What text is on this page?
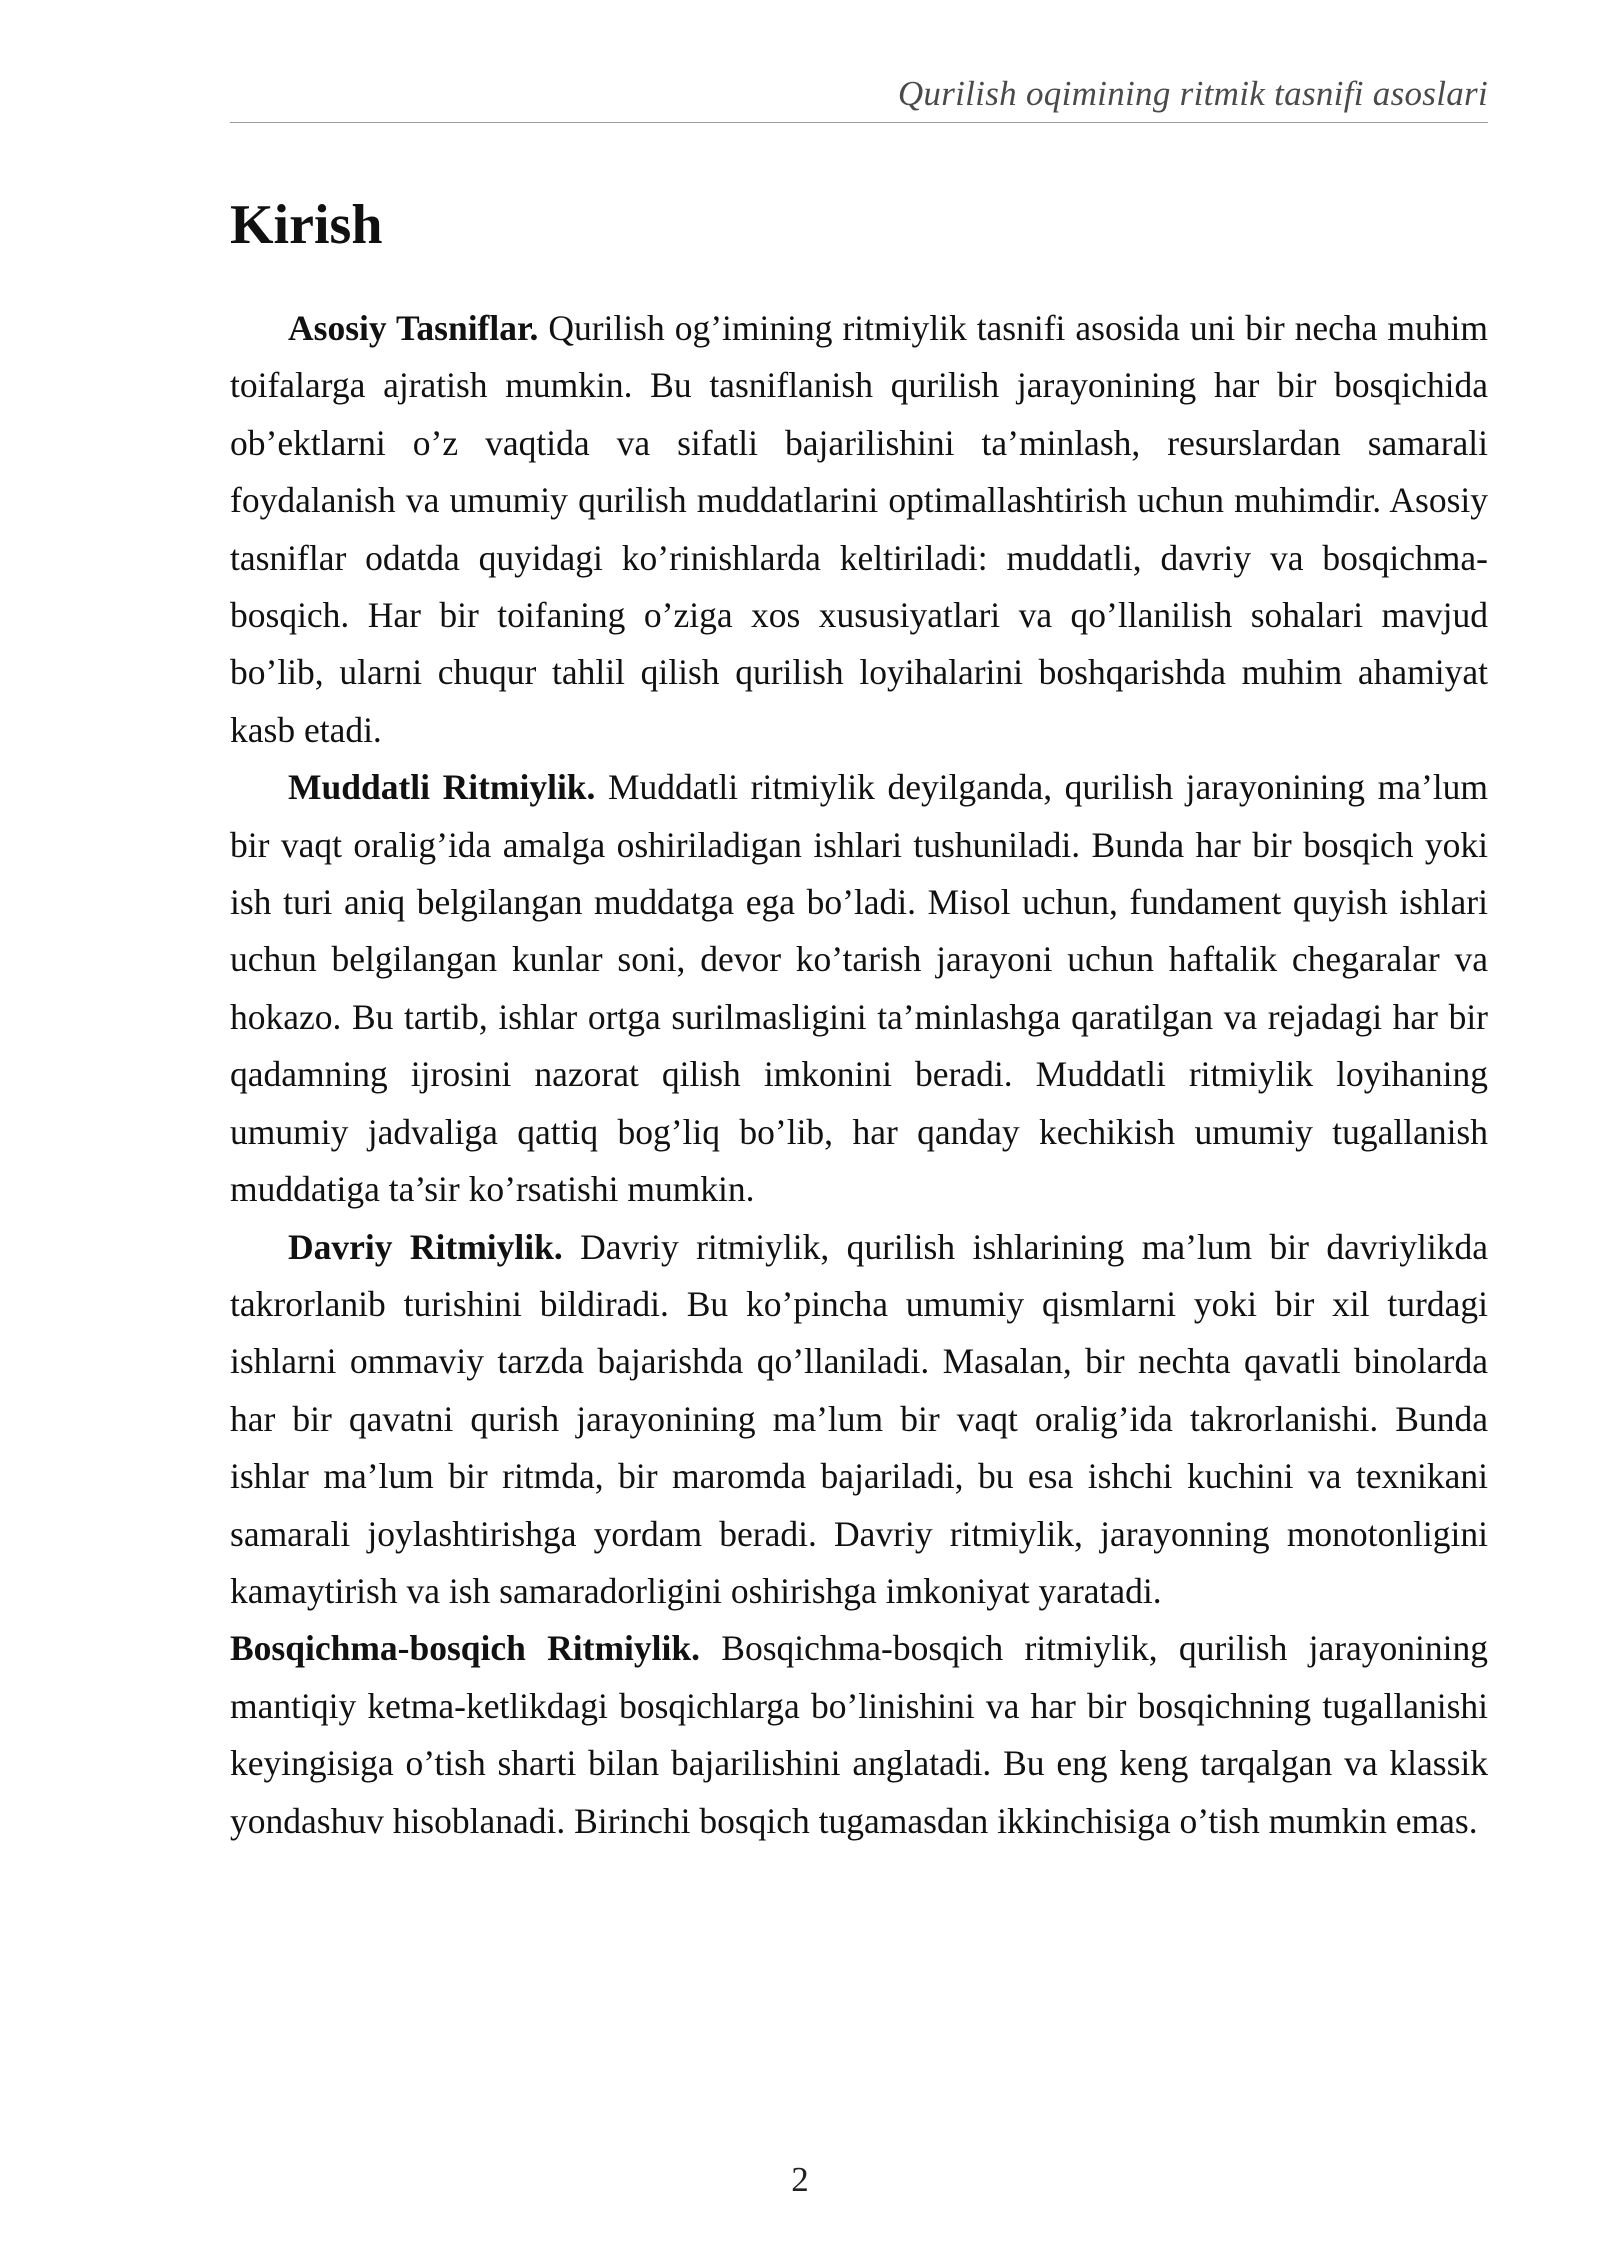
Qurilish oqimining ritmik tasnifi asoslari
Kirish

Asosiy Tasniflar. Qurilish og’imining ritmiylik tasnifi asosida uni bir necha muhim toifalarga ajratish mumkin. Bu tasniflanish qurilish jarayonining har bir bosqichida ob’ektlarni o’z vaqtida va sifatli bajarilishini ta’minlash, resurslardan samarali foydalanish va umumiy qurilish muddatlarini optimallashtirish uchun muhimdir. Asosiy tasniflar odatda quyidagi ko’rinishlarda keltiriladi: muddatli, davriy va bosqichma-bosqich. Har bir toifaning o’ziga xos xususiyatlari va qo’llanilish sohalari mavjud bo’lib, ularni chuqur tahlil qilish qurilish loyihalarini boshqarishda muhim ahamiyat kasb etadi.

Muddatli Ritmiylik. Muddatli ritmiylik deyilganda, qurilish jarayonining ma’lum bir vaqt oralig’ida amalga oshiriladigan ishlari tushuniladi. Bunda har bir bosqich yoki ish turi aniq belgilangan muddatga ega bo’ladi. Misol uchun, fundament quyish ishlari uchun belgilangan kunlar soni, devor ko’tarish jarayoni uchun haftalik chegaralar va hokazo. Bu tartib, ishlar ortga surilmasligini ta’minlashga qaratilgan va rejadagi har bir qadamning ijrosini nazorat qilish imkonini beradi. Muddatli ritmiylik loyihaning umumiy jadvaliga qattiq bog’liq bo’lib, har qanday kechikish umumiy tugallanish muddatiga ta’sir ko’rsatishi mumkin.

Davriy Ritmiylik. Davriy ritmiylik, qurilish ishlarining ma’lum bir davriylikda takrorlanib turishini bildiradi. Bu ko’pincha umumiy qismlarni yoki bir xil turdagi ishlarni ommaviy tarzda bajarishda qo’llaniladi. Masalan, bir nechta qavatli binolarda har bir qavatni qurish jarayonining ma’lum bir vaqt oralig’ida takrorlanishi. Bunda ishlar ma’lum bir ritmda, bir maromda bajariladi, bu esa ishchi kuchini va texnikani samarali joylashtirishga yordam beradi. Davriy ritmiylik, jarayonning monotonligini kamaytirish va ish samaradorligini oshirishga imkoniyat yaratadi.

Bosqichma-bosqich Ritmiylik. Bosqichma-bosqich ritmiylik, qurilish jarayonining mantiqiy ketma-ketlikdagi bosqichlarga bo’linishini va har bir bosqichning tugallanishi keyingisiga o’tish sharti bilan bajarilishini anglatadi. Bu eng keng tarqalgan va klassik yondashuv hisoblanadi. Birinchi bosqich tugamasdan ikkinchisiga o’tish mumkin emas.

2
